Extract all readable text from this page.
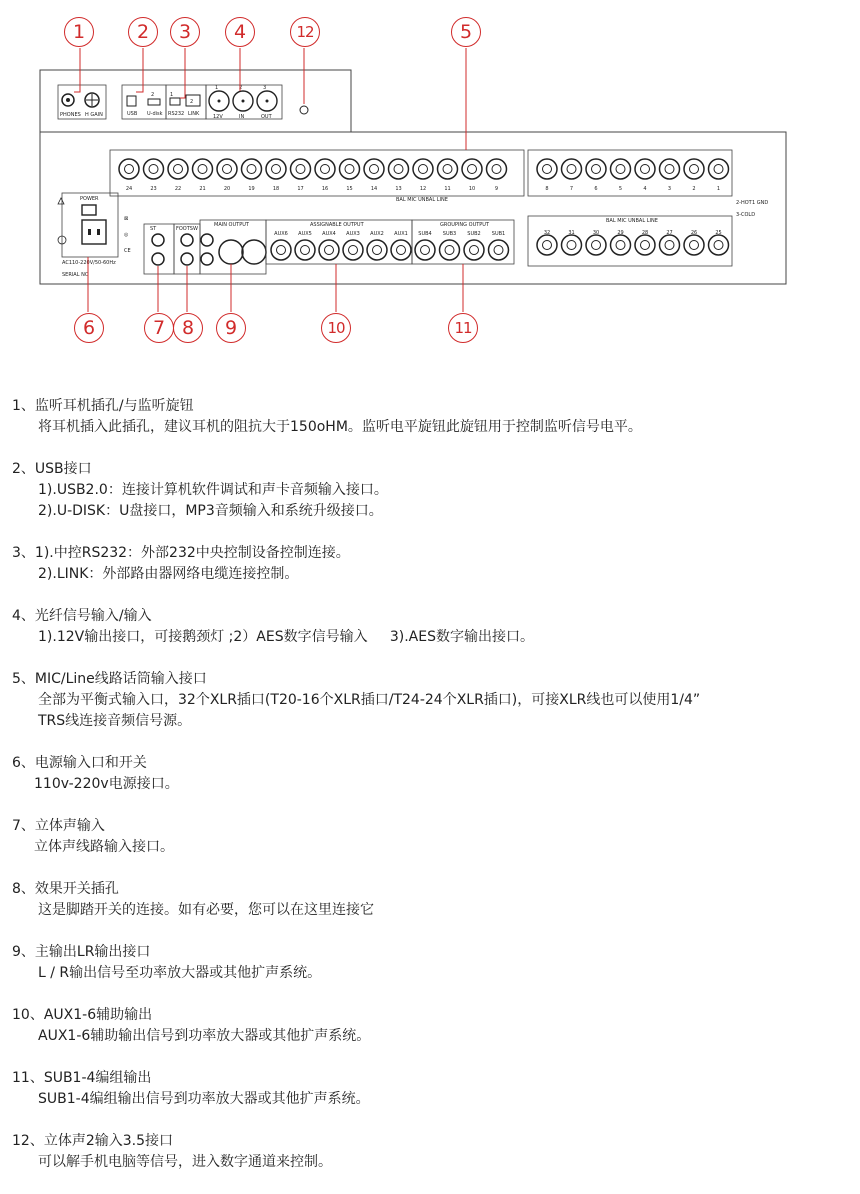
PHONES H GAIN	USB U-disk
2	1
2
RS232 LINK
1	2	3
12V	IN	OUT
POWER
AC110-220V/50-60Hz
SERIAL NO
⊠
◎
CE
ST	FOOTSW
MAIN OUTPUT	ASSIGNABLE OUTPUT
AUX6 AUX5 AUX4 AUX3 AUX2 AUX1
GROUPING OUTPUT
SUB4 SUB3 SUB2 SUB1
BAL MIC UNBAL LINE
BAL MIC UNBAL LINE
2-HOT 1 GND
3-COLD
24	23	22	21	20	19	18	17	16	15	14	13	12	11	10	9	8	7	6	5	4	3	2	1
32	31	30	29	28	27	26	25
1	2	3	4	12	5
6	7 8	9	10	11
1、监听耳机插孔/与监听旋钮
将耳机插入此插孔，建议耳机的阻抗大于150oHM。监听电平旋钮此旋钮用于控制监听信号电平。
2、USB接口
1).USB2.0：连接计算机软件调试和声卡音频输入接口。
2).U-DISK：U盘接口，MP3音频输入和系统升级接口。
3、1).中控RS232：外部232中央控制设备控制连接。
2).LINK：外部路由器网络电缆连接控制。
4、光纤信号输入/输入
1).12V输出接口，可接鹅颈灯 ;2）AES数字信号输入     3).AES数字输出接口。
5、MIC/Line线路话筒输入接口
全部为平衡式输入口，32个XLR插口(T20-16个XLR插口/T24-24个XLR插口)，可接XLR线也可以使用1/4”
TRS线连接音频信号源。
6、电源输入口和开关
110v-220v电源接口。
7、立体声输入
立体声线路输入接口。
8、效果开关插孔
这是脚踏开关的连接。如有必要，您可以在这里连接它
9、主输出LR输出接口
L / R输出信号至功率放大器或其他扩声系统。
10、AUX1-6辅助输出
AUX1-6辅助输出信号到功率放大器或其他扩声系统。
11、SUB1-4编组输出
SUB1-4编组输出信号到功率放大器或其他扩声系统。
12、立体声2输入3.5接口
可以解手机电脑等信号，进入数字通道来控制。
